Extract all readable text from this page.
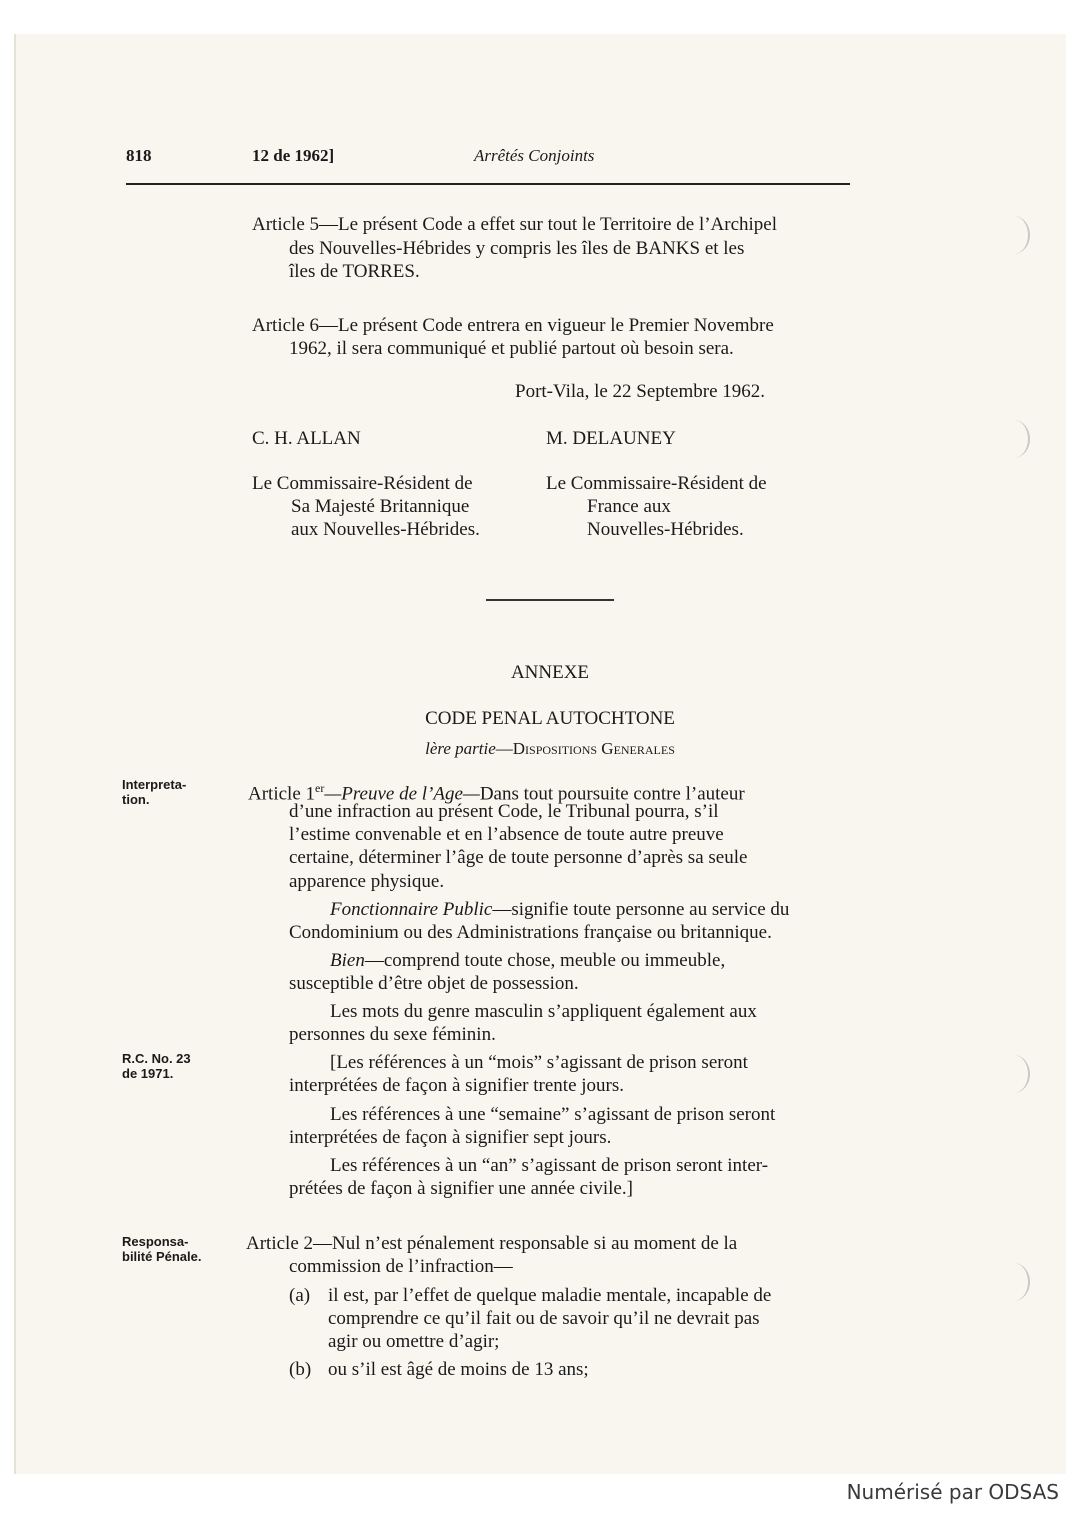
818	12 de 1962]	Arrêtés Conjoints
Article 5—Le présent Code a effet sur tout le Territoire de l’Archipel
des Nouvelles-Hébrides y compris les îles de BANKS et les
îles de TORRES.
Article 6—Le présent Code entrera en vigueur le Premier Novembre
1962, il sera communiqué et publié partout où besoin sera.
Port-Vila, le 22 Septembre 1962.
C. H. ALLAN	M. DELAUNEY
Le Commissaire-Résident de
Sa Majesté Britannique
aux Nouvelles-Hébrides.
Le Commissaire-Résident de
France aux
Nouvelles-Hébrides.
ANNEXE
CODE PENAL AUTOCHTONE
lère partie—Dispositions Generales
Interpreta-
tion.
R.C. No. 23
de 1971.
Responsa-
bilité Pénale.
Article 1er—Preuve de l’Age—Dans tout poursuite contre l’auteur
d’une infraction au présent Code, le Tribunal pourra, s’il
l’estime convenable et en l’absence de toute autre preuve
certaine, déterminer l’âge de toute personne d’après sa seule
apparence physique.
Fonctionnaire Public—signifie toute personne au service du
Condominium ou des Administrations française ou britannique.
Bien—comprend toute chose, meuble ou immeuble,
susceptible d’être objet de possession.
Les mots du genre masculin s’appliquent également aux
personnes du sexe féminin.
[Les références à un “mois” s’agissant de prison seront
interprétées de façon à signifier trente jours.
Les références à une “semaine” s’agissant de prison seront
interprétées de façon à signifier sept jours.
Les références à un “an” s’agissant de prison seront inter-
prétées de façon à signifier une année civile.]
Article 2—Nul n’est pénalement responsable si au moment de la
commission de l’infraction—
(a) il est, par l’effet de quelque maladie mentale, incapable de
comprendre ce qu’il fait ou de savoir qu’il ne devrait pas
agir ou omettre d’agir;
(b) ou s’il est âgé de moins de 13 ans;
Numérisé par ODSAS
